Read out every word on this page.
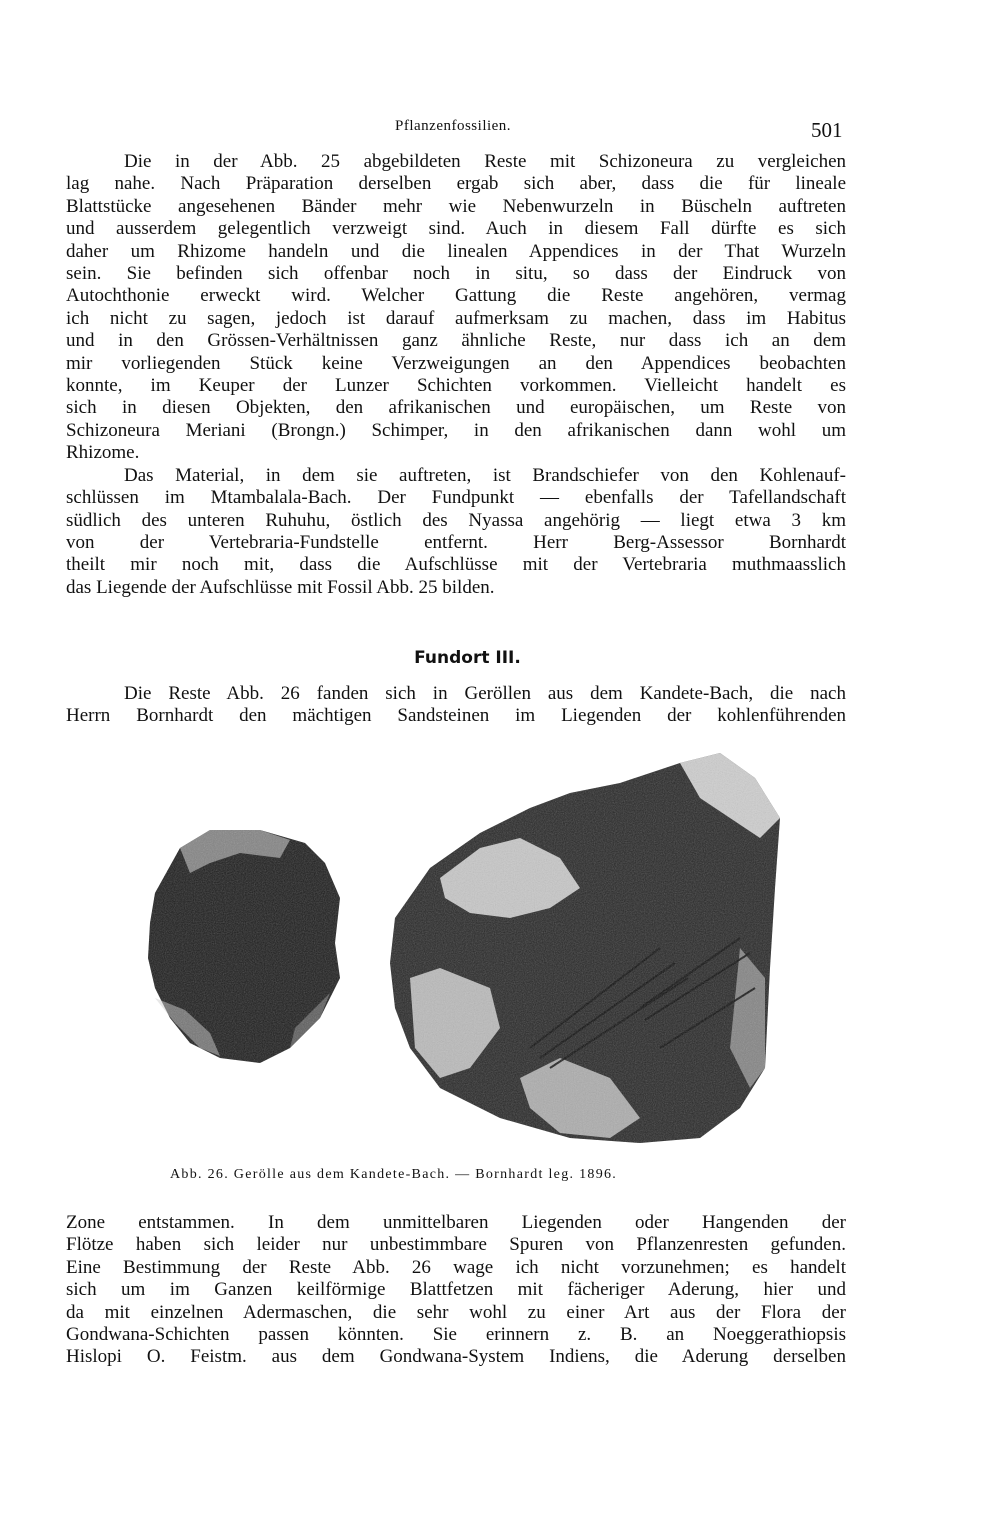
Pflanzenfossilien.	501
Die in der Abb. 25 abgebildeten Reste mit Schizoneura zu vergleichen
lag nahe. Nach Präparation derselben ergab sich aber, dass die für lineale
Blattstücke angesehenen Bänder mehr wie Nebenwurzeln in Büscheln auftreten
und ausserdem gelegentlich verzweigt sind. Auch in diesem Fall dürfte es sich
daher um Rhizome handeln und die linealen Appendices in der That Wurzeln
sein. Sie befinden sich offenbar noch in situ, so dass der Eindruck von
Autochthonie erweckt wird. Welcher Gattung die Reste angehören, vermag
ich nicht zu sagen, jedoch ist darauf aufmerksam zu machen, dass im Habitus
und in den Grössen-Verhältnissen ganz ähnliche Reste, nur dass ich an dem
mir vorliegenden Stück keine Verzweigungen an den Appendices beobachten
konnte, im Keuper der Lunzer Schichten vorkommen. Vielleicht handelt es
sich in diesen Objekten, den afrikanischen und europäischen, um Reste von
Schizoneura Meriani (Brongn.) Schimper, in den afrikanischen dann wohl um
Rhizome.
Das Material, in dem sie auftreten, ist Brandschiefer von den Kohlenauf-
schlüssen im Mtambalala-Bach. Der Fundpunkt — ebenfalls der Tafellandschaft
südlich des unteren Ruhuhu, östlich des Nyassa angehörig — liegt etwa 3 km
von der Vertebraria-Fundstelle entfernt. Herr Berg-Assessor Bornhardt
theilt mir noch mit, dass die Aufschlüsse mit der Vertebraria muthmaasslich
das Liegende der Aufschlüsse mit Fossil Abb. 25 bilden.
Fundort III.
Die Reste Abb. 26 fanden sich in Geröllen aus dem Kandete-Bach, die nach
Herrn Bornhardt den mächtigen Sandsteinen im Liegenden der kohlenführenden
Abb. 26. Gerölle aus dem Kandete-Bach. — Bornhardt leg. 1896.
Zone entstammen. In dem unmittelbaren Liegenden oder Hangenden der
Flötze haben sich leider nur unbestimmbare Spuren von Pflanzenresten gefunden.
Eine Bestimmung der Reste Abb. 26 wage ich nicht vorzunehmen; es handelt
sich um im Ganzen keilförmige Blattfetzen mit fächeriger Aderung, hier und
da mit einzelnen Adermaschen, die sehr wohl zu einer Art aus der Flora der
Gondwana-Schichten passen könnten. Sie erinnern z. B. an Noeggerathiopsis
Hislopi O. Feistm. aus dem Gondwana-System Indiens, die Aderung derselben
